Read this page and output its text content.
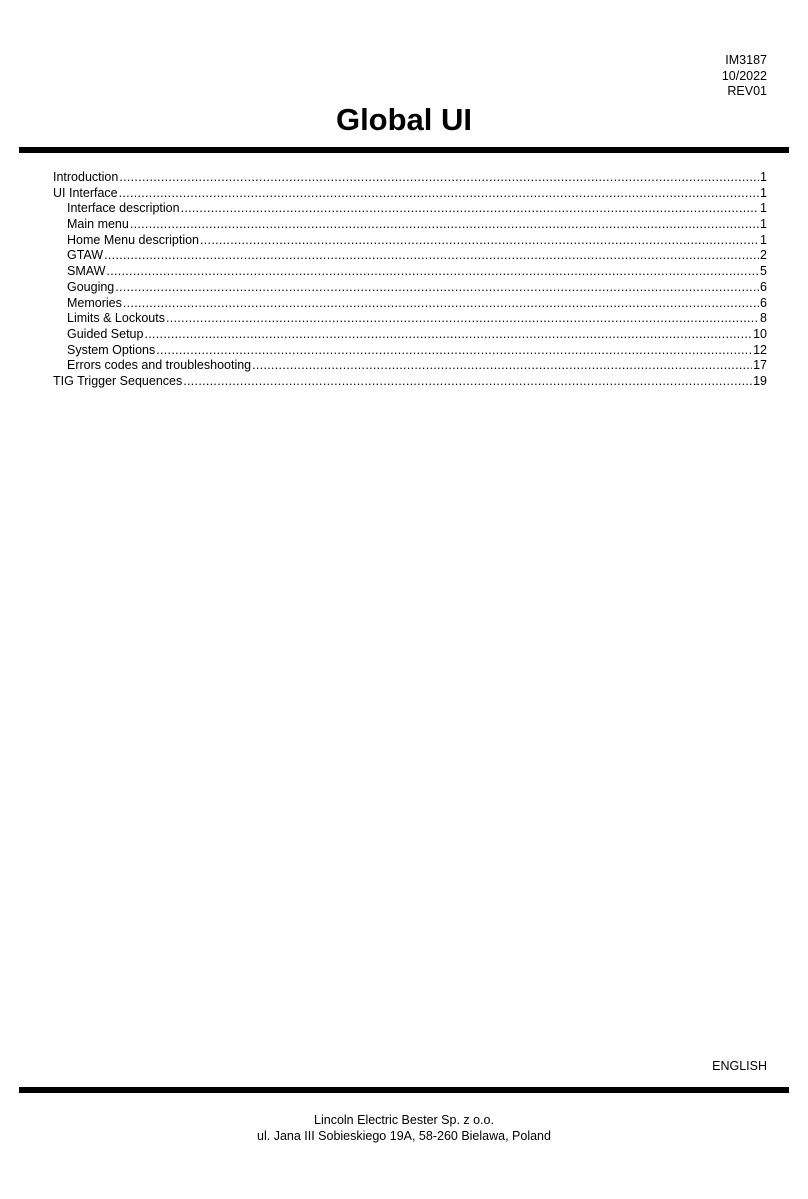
IM3187
10/2022
REV01
Global UI
Introduction .....	1
UI Interface .....	1
Interface description .....	1
Main menu .....	1
Home Menu description .....	1
GTAW .....	2
SMAW .....	5
Gouging .....	6
Memories .....	6
Limits & Lockouts .....	8
Guided Setup .....	10
System Options .....	12
Errors codes and troubleshooting .....	17
TIG Trigger Sequences .....	19
ENGLISH
Lincoln Electric Bester Sp. z o.o.
ul. Jana III Sobieskiego 19A, 58-260 Bielawa, Poland
